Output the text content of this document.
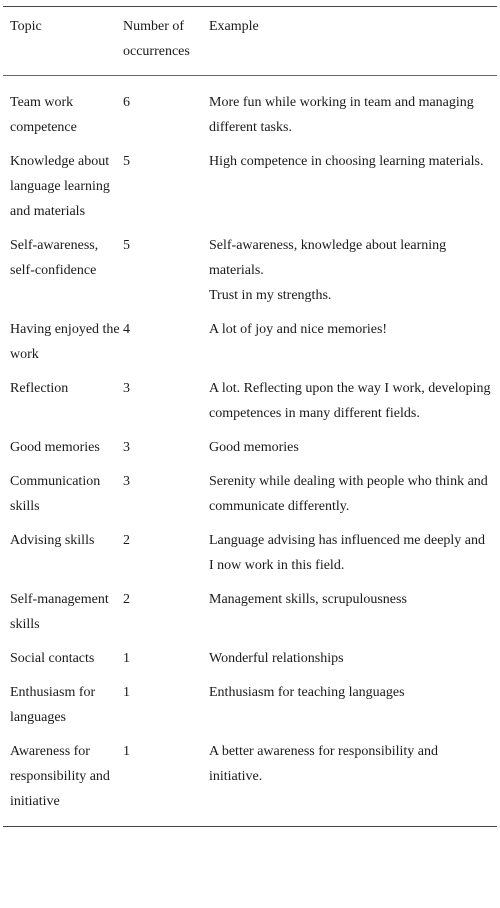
Topic	Number of occurrences	Example
Team work competence	6	More fun while working in team and managing different tasks.
Knowledge about language learning and materials	5	High competence in choosing learning materials.
Self-awareness, self-confidence	5	Self-awareness, knowledge about learning materials.
Trust in my strengths.

Having enjoyed the work	4	A lot of joy and nice memories!
Reflection	3	A lot. Reflecting upon the way I work, developing competences in many different fields.
Good memories	3	Good memories
Communication skills	3	Serenity while dealing with people who think and communicate differently.
Advising skills	2	Language advising has influenced me deeply and I now work in this field.
Self-management skills	2	Management skills, scrupulousness
Social contacts	1	Wonderful relationships
Enthusiasm for languages	1	Enthusiasm for teaching languages
Awareness for responsibility and initiative	1	A better awareness for responsibility and initiative.
